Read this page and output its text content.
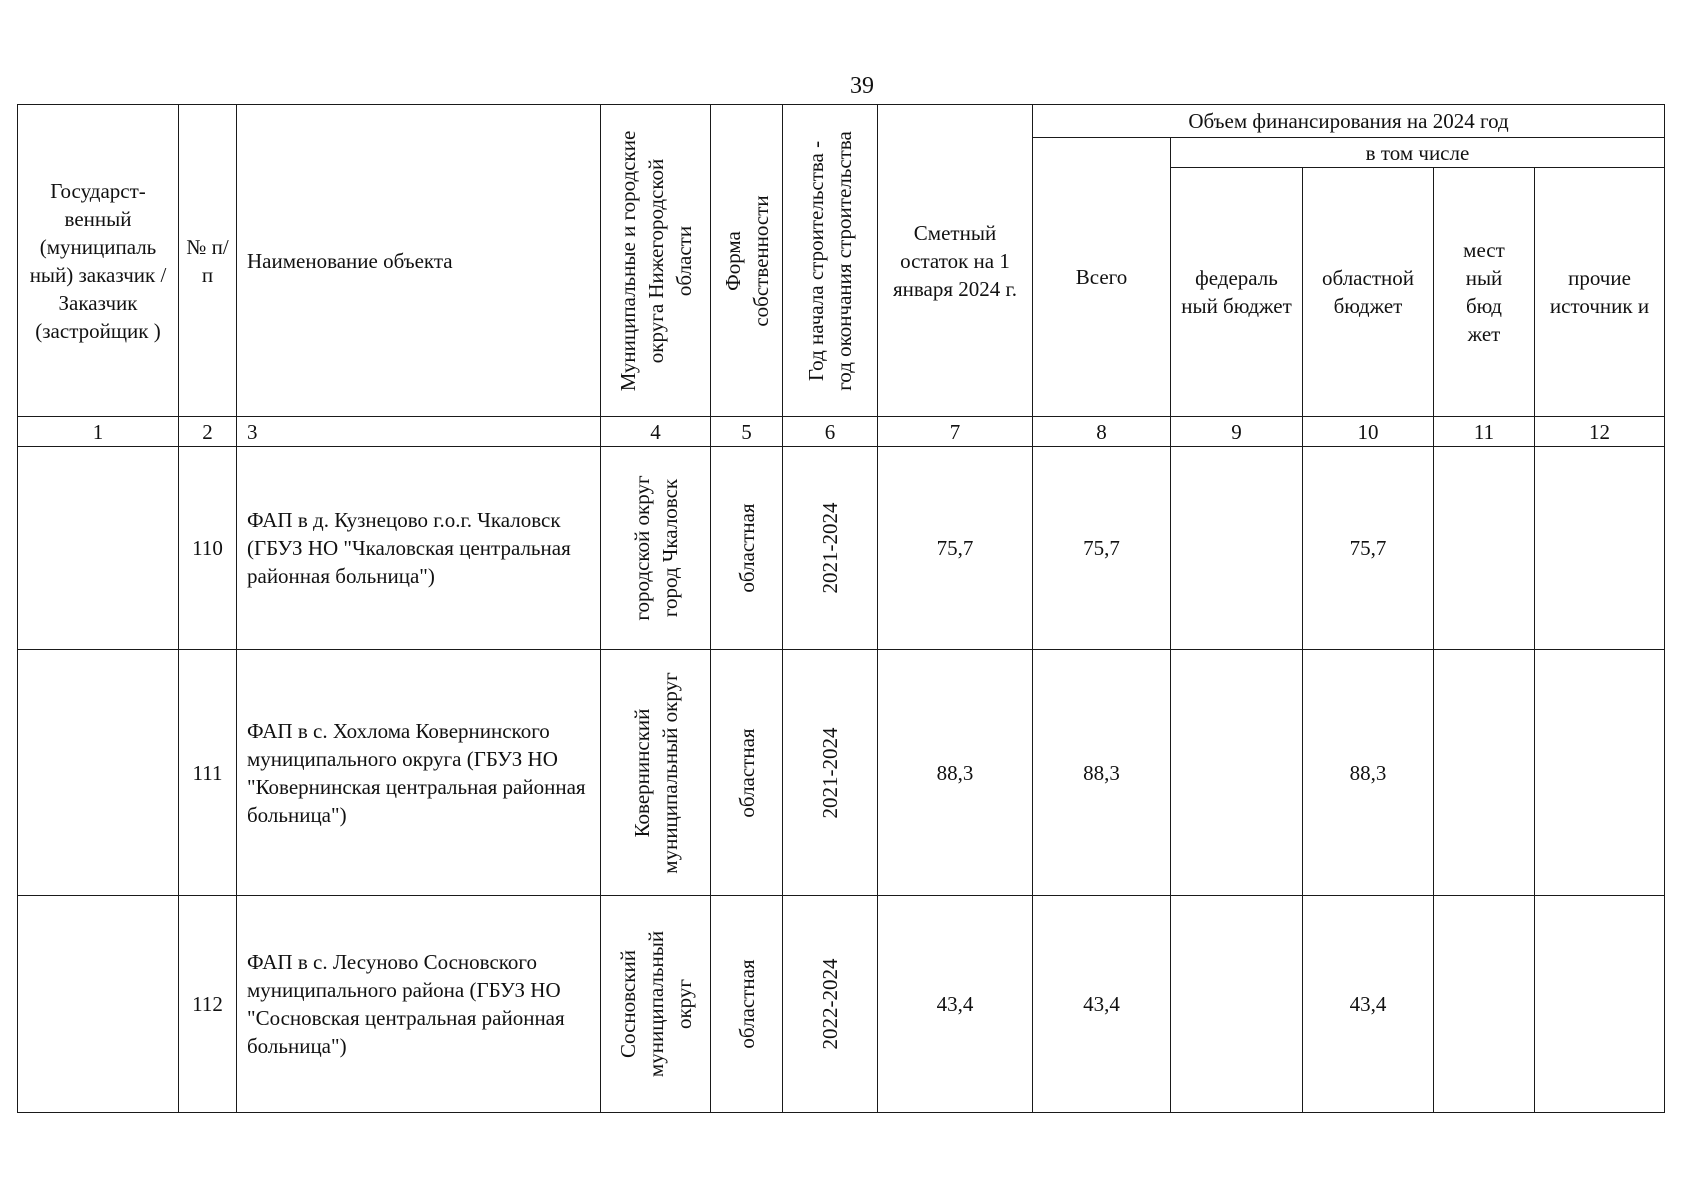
39
Государст-венный (муниципаль ный) заказчик / Заказчик (застройщик )	№ п/п	Наименование объекта	Муниципальные и городские округа Нижегородской области	Форма собственности	Год начала строительства - год окончания строительства	Сметный остаток на 1 января 2024 г.	Объем финансирования на 2024 год				
							Всего	в том числе			
								федераль ный бюджет	областной бюджет	мест ный бюд жет	прочие источник и
1	2	3	4	5	6	7	8	9	10	11	12
	110	ФАП в д. Кузнецово г.о.г. Чкаловск (ГБУЗ НО "Чкаловская центральная районная больница")	городской округ город Чкаловск	областная	2021-2024	75,7	75,7		75,7		
	111	ФАП в с. Хохлома Ковернинского муниципального округа (ГБУЗ НО "Ковернинская центральная районная больница")	Ковернинский муниципальный округ	областная	2021-2024	88,3	88,3		88,3		
	112	ФАП в с. Лесуново Сосновского муниципального района (ГБУЗ НО "Сосновская центральная районная больница")	Сосновский муниципальный округ	областная	2022-2024	43,4	43,4		43,4		
